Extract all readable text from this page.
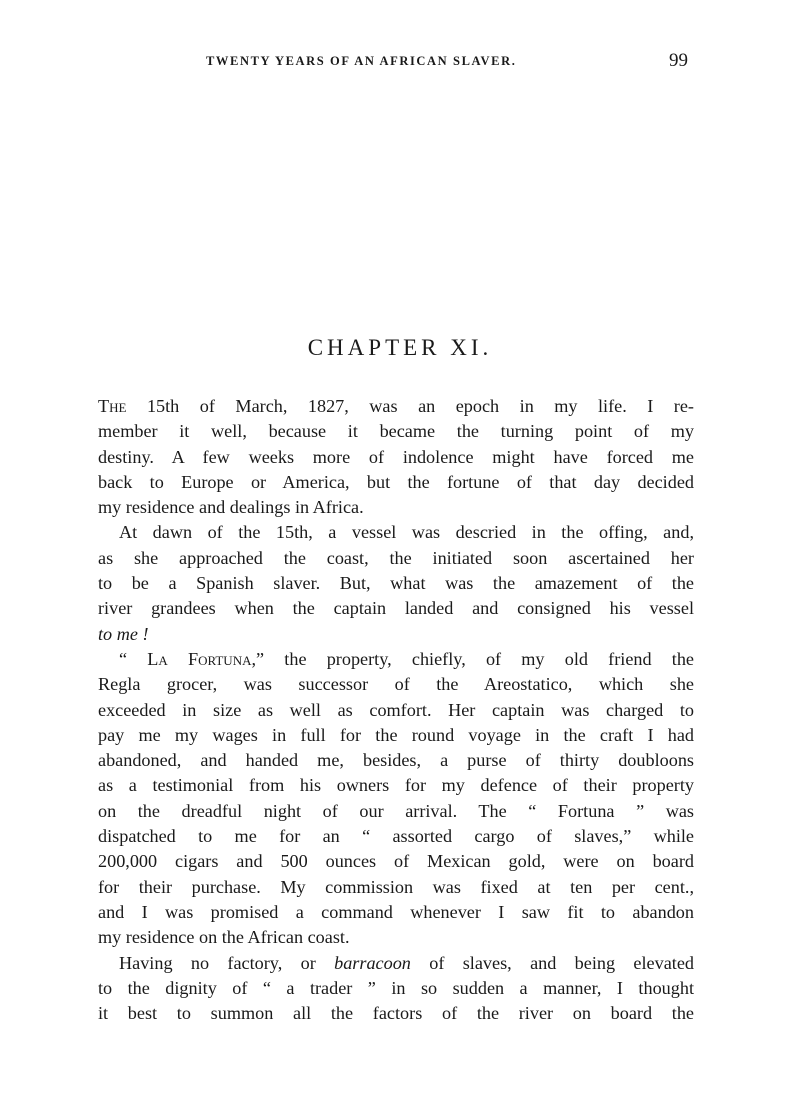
TWENTY YEARS OF AN AFRICAN SLAVER.	99
CHAPTER XI.

The 15th of March, 1827, was an epoch in my life. I re-
member it well, because it became the turning point of my
destiny. A few weeks more of indolence might have forced me
back to Europe or America, but the fortune of that day decided
my residence and dealings in Africa.

At dawn of the 15th, a vessel was descried in the offing, and,
as she approached the coast, the initiated soon ascertained her
to be a Spanish slaver. But, what was the amazement of the
river grandees when the captain landed and consigned his vessel
to me !

“ La Fortuna,” the property, chiefly, of my old friend the
Regla grocer, was successor of the Areostatico, which she
exceeded in size as well as comfort. Her captain was charged to
pay me my wages in full for the round voyage in the craft I had
abandoned, and handed me, besides, a purse of thirty doubloons
as a testimonial from his owners for my defence of their property
on the dreadful night of our arrival. The “ Fortuna ” was
dispatched to me for an “ assorted cargo of slaves,” while
200,000 cigars and 500 ounces of Mexican gold, were on board
for their purchase. My commission was fixed at ten per cent.,
and I was promised a command whenever I saw fit to abandon
my residence on the African coast.

Having no factory, or barracoon of slaves, and being elevated
to the dignity of “ a trader ” in so sudden a manner, I thought
it best to summon all the factors of the river on board the
